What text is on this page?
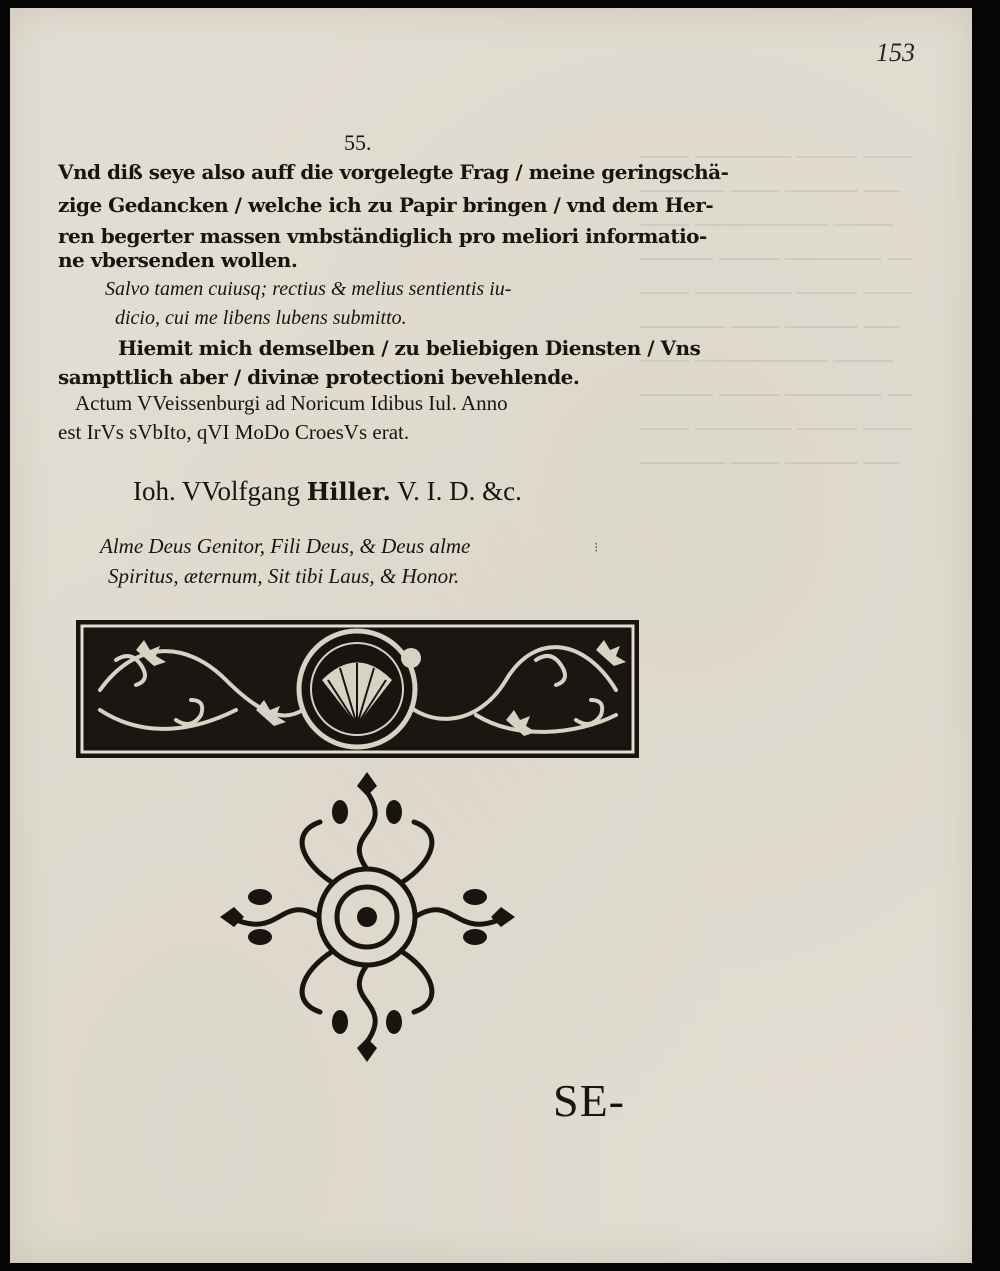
153
55.
Vnd diß seye also auff die vorgelegte Frag / meine geringschä-
zige Gedancken / welche ich zu Papir bringen / vnd dem Her-
ren begerter massen vmbständiglich pro meliori informatio-
ne vbersenden wollen.
Salvo tamen cuiusq; rectius & melius sentientis iu-
dicio, cui me libens lubens submitto.
Hiemit mich demselben / zu beliebigen Diensten / Vns
sampttlich aber / divinæ protectioni bevehlende.
Actum VVeissenburgi ad Noricum Idibus Iul. Anno
est IrVs sVbIto, qVI MoDo CroesVs erat.
Ioh. VVolfgang Hiller. V. I. D. &c.
Alme Deus Genitor, Fili Deus, & Deus alme
Spiritus, æternum, Sit tibi Laus, & Honor.
SE-
⁝
